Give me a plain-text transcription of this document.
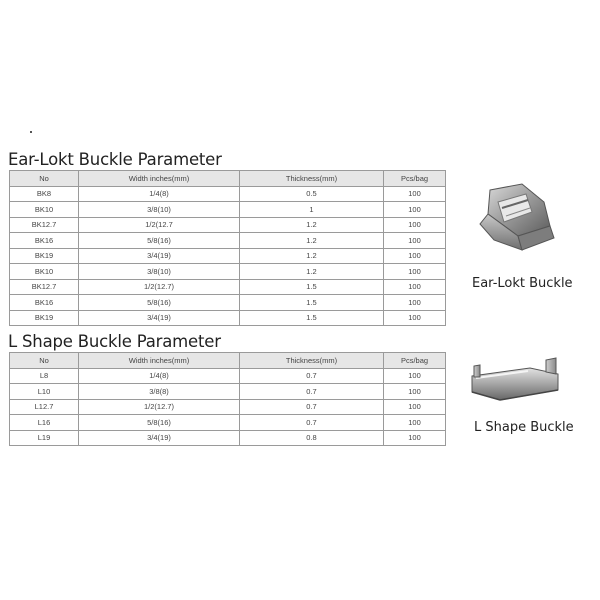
Ear-Lokt Buckle Parameter
No	Width inches(mm)	Thickness(mm)	Pcs/bag
BK8	1/4(8)	0.5	100
BK10	3/8(10)	1	100
BK12.7	1/2(12.7	1.2	100
BK16	5/8(16)	1.2	100
BK19	3/4(19)	1.2	100
BK10	3/8(10)	1.2	100
BK12.7	1/2(12.7)	1.5	100
BK16	5/8(16)	1.5	100
BK19	3/4(19)	1.5	100
L Shape Buckle Parameter
No	Width inches(mm)	Thickness(mm)	Pcs/bag
L8	1/4(8)	0.7	100
L10	3/8(8)	0.7	100
L12.7	1/2(12.7)	0.7	100
L16	5/8(16)	0.7	100
L19	3/4(19)	0.8	100
Ear-Lokt Buckle
L Shape Buckle
